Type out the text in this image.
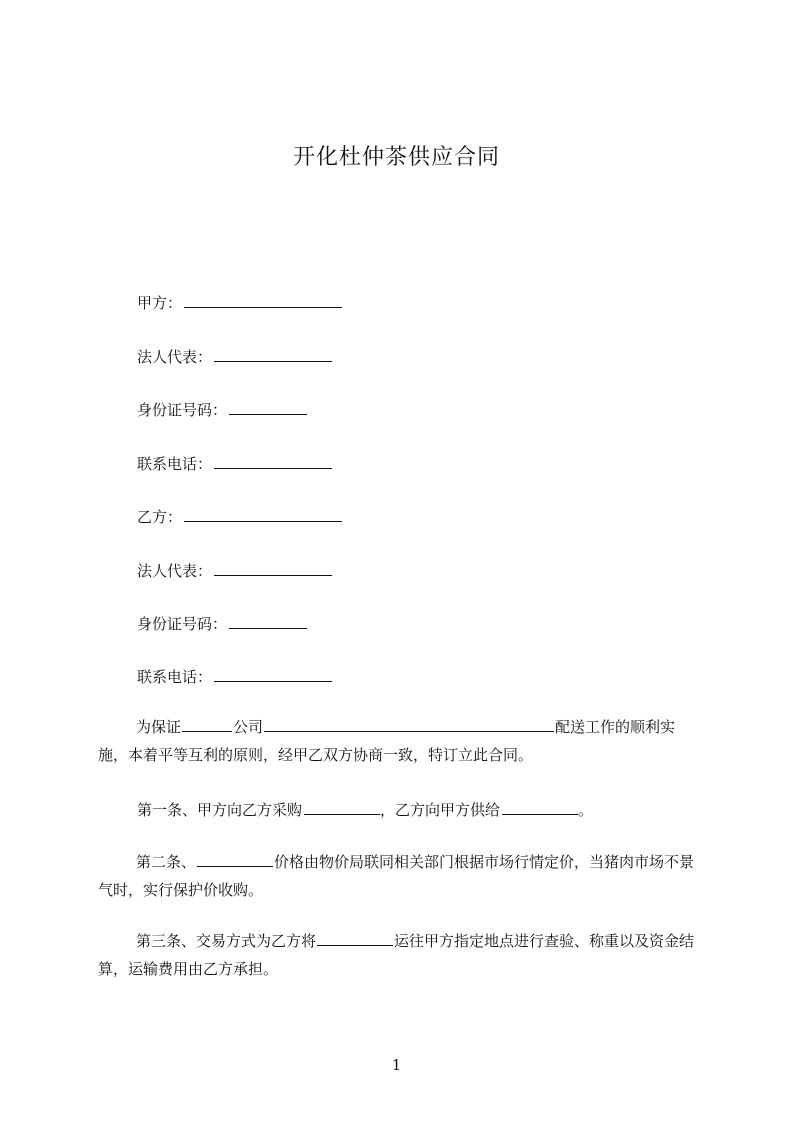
开化杜仲茶供应合同
甲方：
法人代表：
身份证号码：
联系电话：
乙方：
法人代表：
身份证号码：
联系电话：
为保证	公司	配送工作的顺利实施，本着平等互利的原则，经甲乙双方协商一致，特订立此合同。
第一条、甲方向乙方采购	，乙方向甲方供给	。
第二条、	价格由物价局联同相关部门根据市场行情定价，当猪肉市场不景气时，实行保护价收购。
第三条、交易方式为乙方将	运往甲方指定地点进行查验、称重以及资金结算，运输费用由乙方承担。
1
